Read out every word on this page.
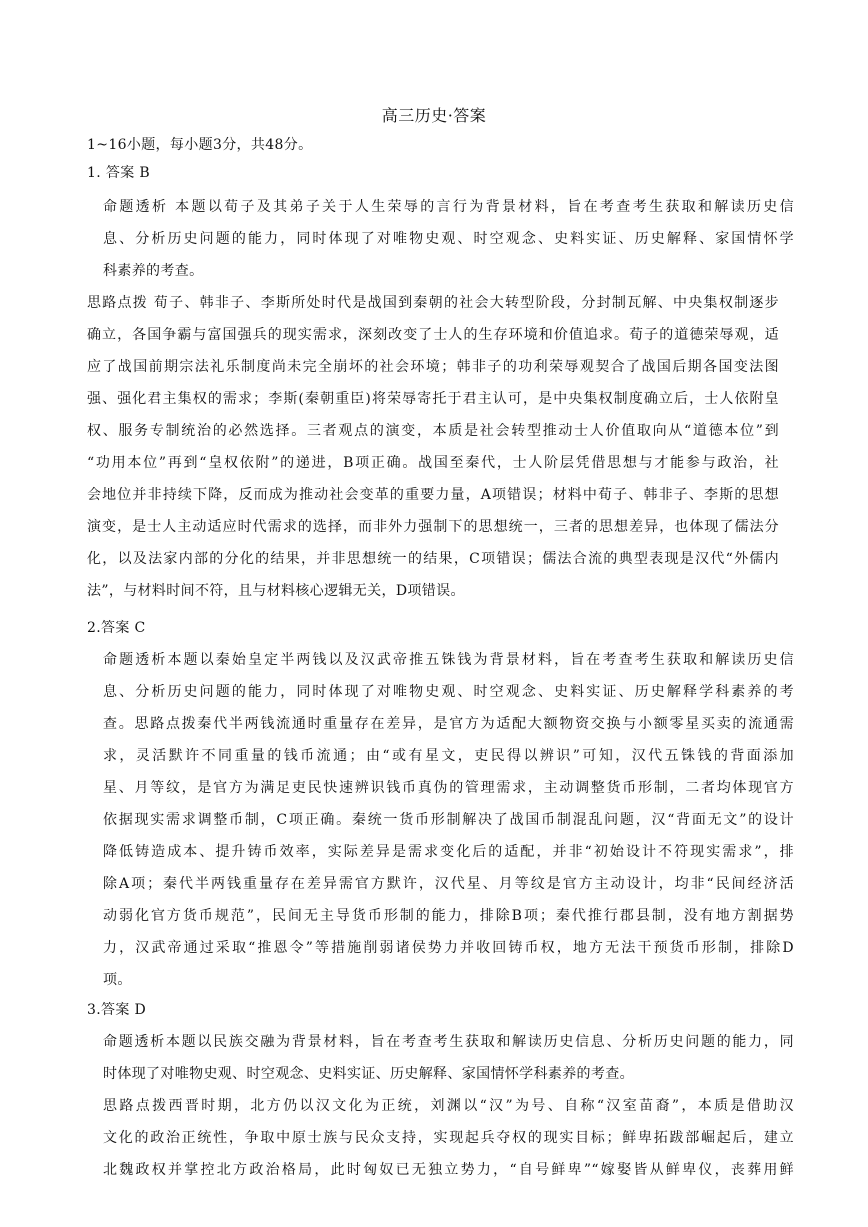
高三历史·答案
1~16小题，每小题3分，共48分。
1. 答案 B
命题透析 本题以荀子及其弟子关于人生荣辱的言行为背景材料，旨在考查考生获取和解读历史信
息、分析历史问题的能力，同时体现了对唯物史观、时空观念、史料实证、历史解释、家国情怀学
科素养的考查。
思路点拨 荀子、韩非子、李斯所处时代是战国到秦朝的社会大转型阶段，分封制瓦解、中央集权制逐步
确立，各国争霸与富国强兵的现实需求，深刻改变了士人的生存环境和价值追求。荀子的道德荣辱观，适
应了战国前期宗法礼乐制度尚未完全崩坏的社会环境；韩非子的功利荣辱观契合了战国后期各国变法图
强、强化君主集权的需求；李斯(秦朝重臣)将荣辱寄托于君主认可，是中央集权制度确立后，士人依附皇
权、服务专制统治的必然选择。三者观点的演变，本质是社会转型推动士人价值取向从“道德本位”到
“功用本位”再到“皇权依附”的递进，B项正确。战国至秦代，士人阶层凭借思想与才能参与政治，社
会地位并非持续下降，反而成为推动社会变革的重要力量，A项错误；材料中荀子、韩非子、李斯的思想
演变，是士人主动适应时代需求的选择，而非外力强制下的思想统一，三者的思想差异，也体现了儒法分
化，以及法家内部的分化的结果，并非思想统一的结果，C项错误；儒法合流的典型表现是汉代“外儒内
法”，与材料时间不符，且与材料核心逻辑无关，D项错误。
2.答案 C
命题透析本题以秦始皇定半两钱以及汉武帝推五铢钱为背景材料，旨在考查考生获取和解读历史信
息、分析历史问题的能力，同时体现了对唯物史观、时空观念、史料实证、历史解释学科素养的考
查。思路点拨秦代半两钱流通时重量存在差异，是官方为适配大额物资交换与小额零星买卖的流通需
求，灵活默许不同重量的钱币流通；由“或有星文，吏民得以辨识”可知，汉代五铢钱的背面添加
星、月等纹，是官方为满足吏民快速辨识钱币真伪的管理需求，主动调整货币形制，二者均体现官方
依据现实需求调整币制，C项正确。秦统一货币形制解决了战国币制混乱问题，汉“背面无文”的设计
降低铸造成本、提升铸币效率，实际差异是需求变化后的适配，并非“初始设计不符现实需求”，排
除A项；秦代半两钱重量存在差异需官方默许，汉代星、月等纹是官方主动设计，均非“民间经济活
动弱化官方货币规范”，民间无主导货币形制的能力，排除B项；秦代推行郡县制，没有地方割据势
力，汉武帝通过采取“推恩令”等措施削弱诸侯势力并收回铸币权，地方无法干预货币形制，排除D
项。
3.答案 D
命题透析本题以民族交融为背景材料，旨在考查考生获取和解读历史信息、分析历史问题的能力，同
时体现了对唯物史观、时空观念、史料实证、历史解释、家国情怀学科素养的考查。
思路点拨西晋时期，北方仍以汉文化为正统，刘渊以“汉”为号、自称“汉室苗裔”，本质是借助汉
文化的政治正统性，争取中原士族与民众支持，实现起兵夺权的现实目标；鲜卑拓跋部崛起后，建立
北魏政权并掌控北方政治格局，此时匈奴已无独立势力，“自号鲜卑”“嫁娶皆从鲜卑仪，丧葬用鲜
